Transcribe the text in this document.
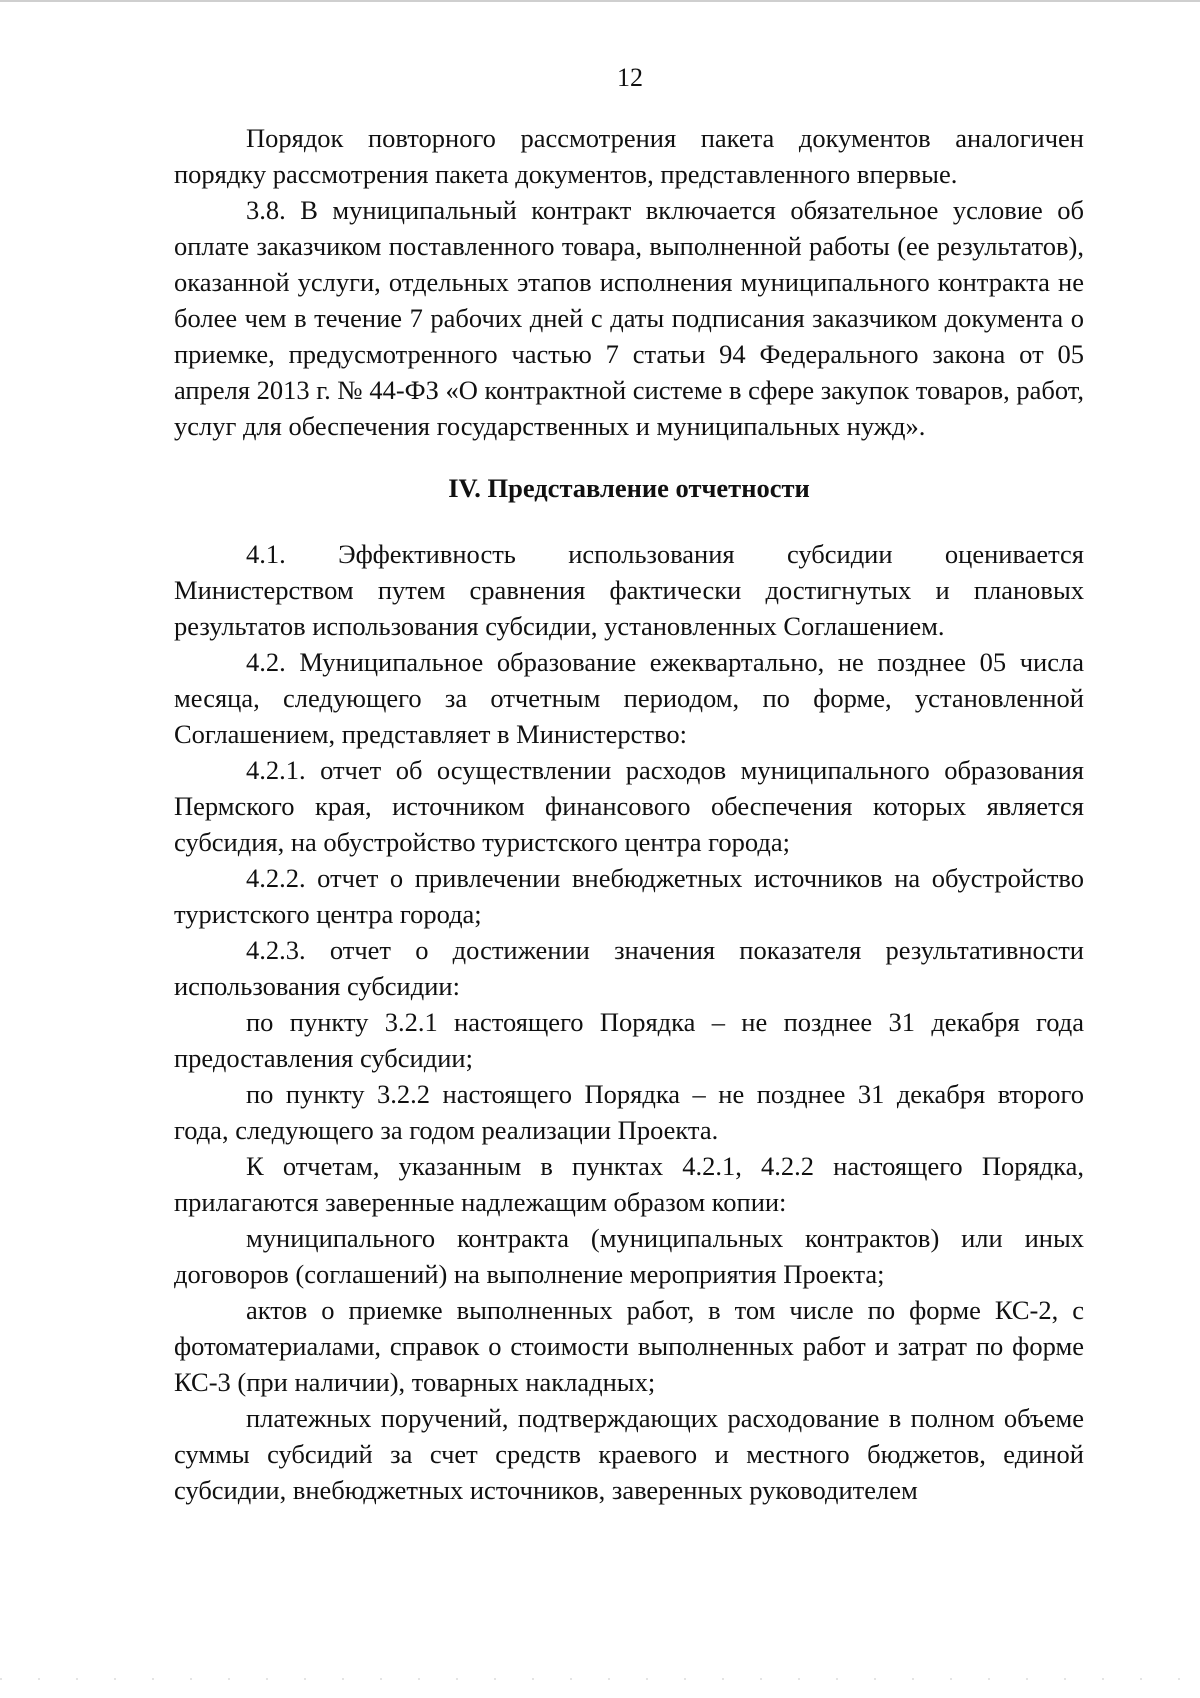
12

Порядок повторного рассмотрения пакета документов аналогичен порядку рассмотрения пакета документов, представленного впервые.

3.8. В муниципальный контракт включается обязательное условие об оплате заказчиком поставленного товара, выполненной работы (ее результатов), оказанной услуги, отдельных этапов исполнения муниципального контракта не более чем в течение 7 рабочих дней с даты подписания заказчиком документа о приемке, предусмотренного частью 7 статьи 94 Федерального закона от 05 апреля 2013 г. № 44-ФЗ «О контрактной системе в сфере закупок товаров, работ, услуг для обеспечения государственных и муниципальных нужд».

IV. Представление отчетности

4.1. Эффективность использования субсидии оценивается Министерством путем сравнения фактически достигнутых и плановых результатов использования субсидии, установленных Соглашением.

4.2. Муниципальное образование ежеквартально, не позднее 05 числа месяца, следующего за отчетным периодом, по форме, установленной Соглашением, представляет в Министерство:

4.2.1. отчет об осуществлении расходов муниципального образования Пермского края, источником финансового обеспечения которых является субсидия, на обустройство туристского центра города;

4.2.2. отчет о привлечении внебюджетных источников на обустройство туристского центра города;

4.2.3. отчет о достижении значения показателя результативности использования субсидии:

по пункту 3.2.1 настоящего Порядка – не позднее 31 декабря года предоставления субсидии;

по пункту 3.2.2 настоящего Порядка – не позднее 31 декабря второго года, следующего за годом реализации Проекта.

К отчетам, указанным в пунктах 4.2.1, 4.2.2 настоящего Порядка, прилагаются заверенные надлежащим образом копии:

муниципального контракта (муниципальных контрактов) или иных договоров (соглашений) на выполнение мероприятия Проекта;

актов о приемке выполненных работ, в том числе по форме КС-2, с фотоматериалами, справок о стоимости выполненных работ и затрат по форме КС-3 (при наличии), товарных накладных;

платежных поручений, подтверждающих расходование в полном объеме суммы субсидий за счет средств краевого и местного бюджетов, единой субсидии, внебюджетных источников, заверенных руководителем
